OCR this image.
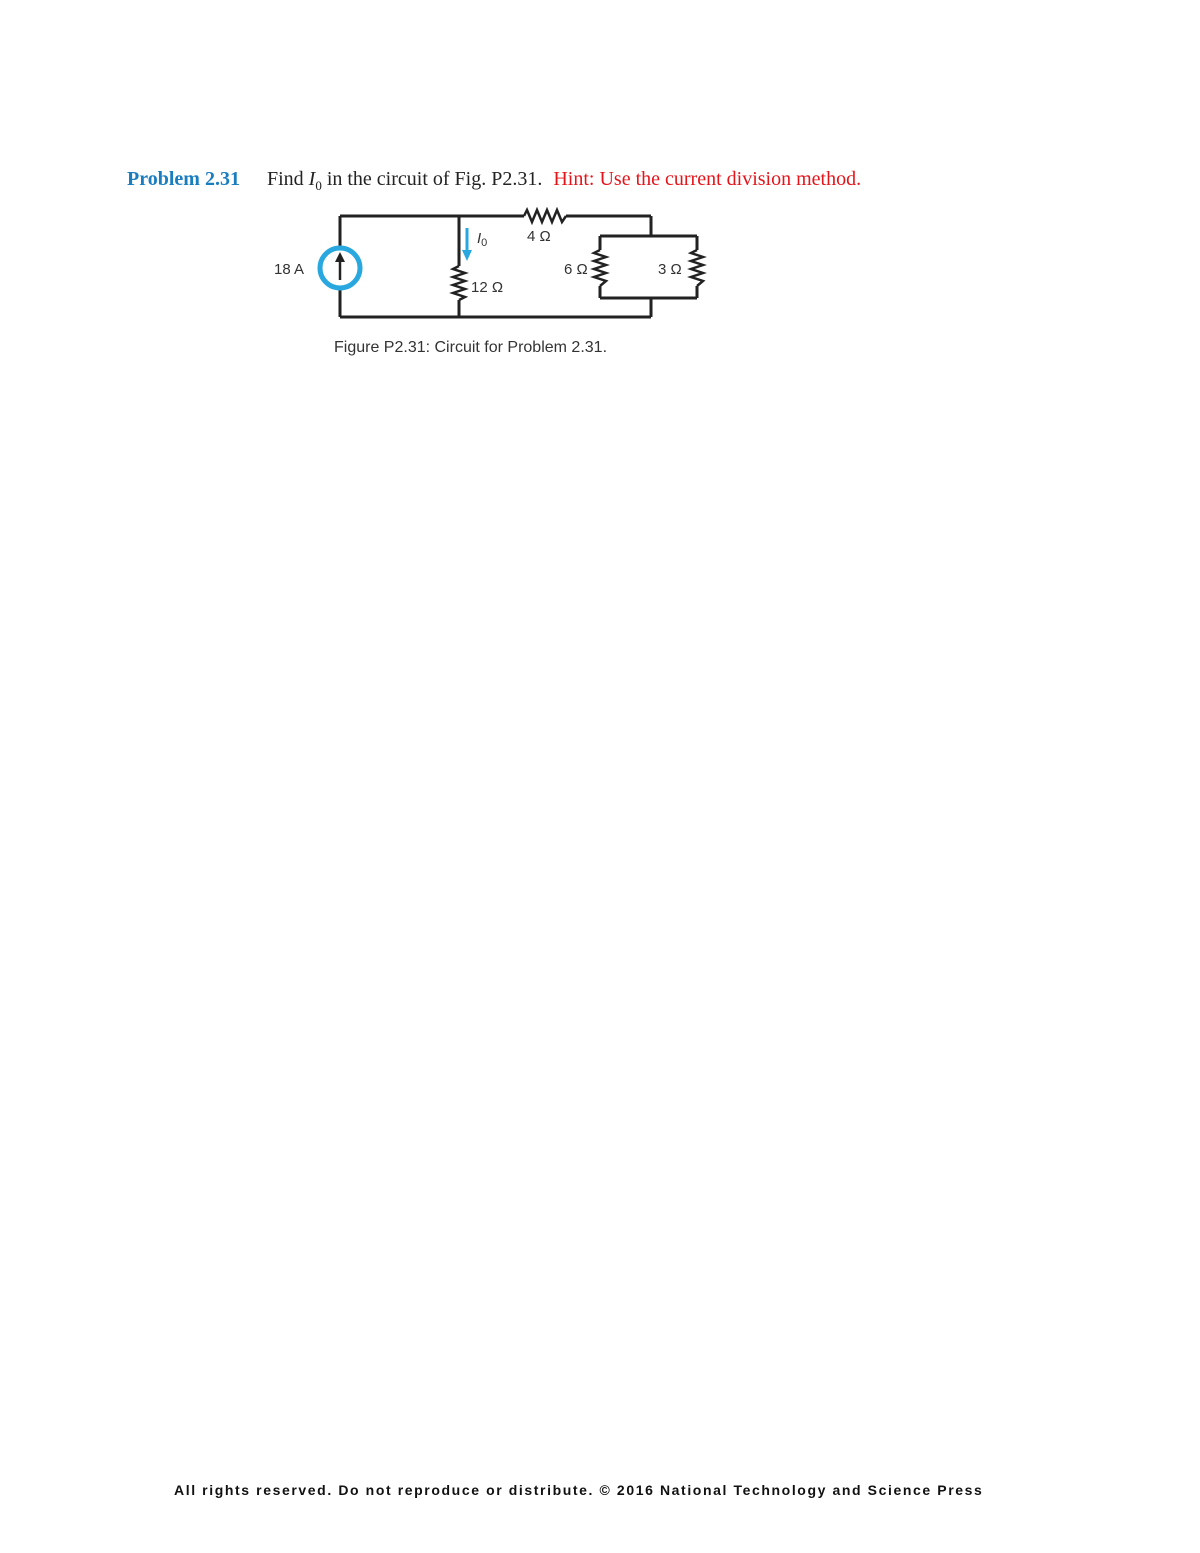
Problem 2.31 Find $I_0$ in the circuit of Fig. P2.31. Hint: Use the current division method.
18 A
$I_0$	4 Ω
12 Ω
6 Ω	3 Ω
Figure P2.31: Circuit for Problem 2.31.
All rights reserved. Do not reproduce or distribute. © 2016 National Technology and Science Press
